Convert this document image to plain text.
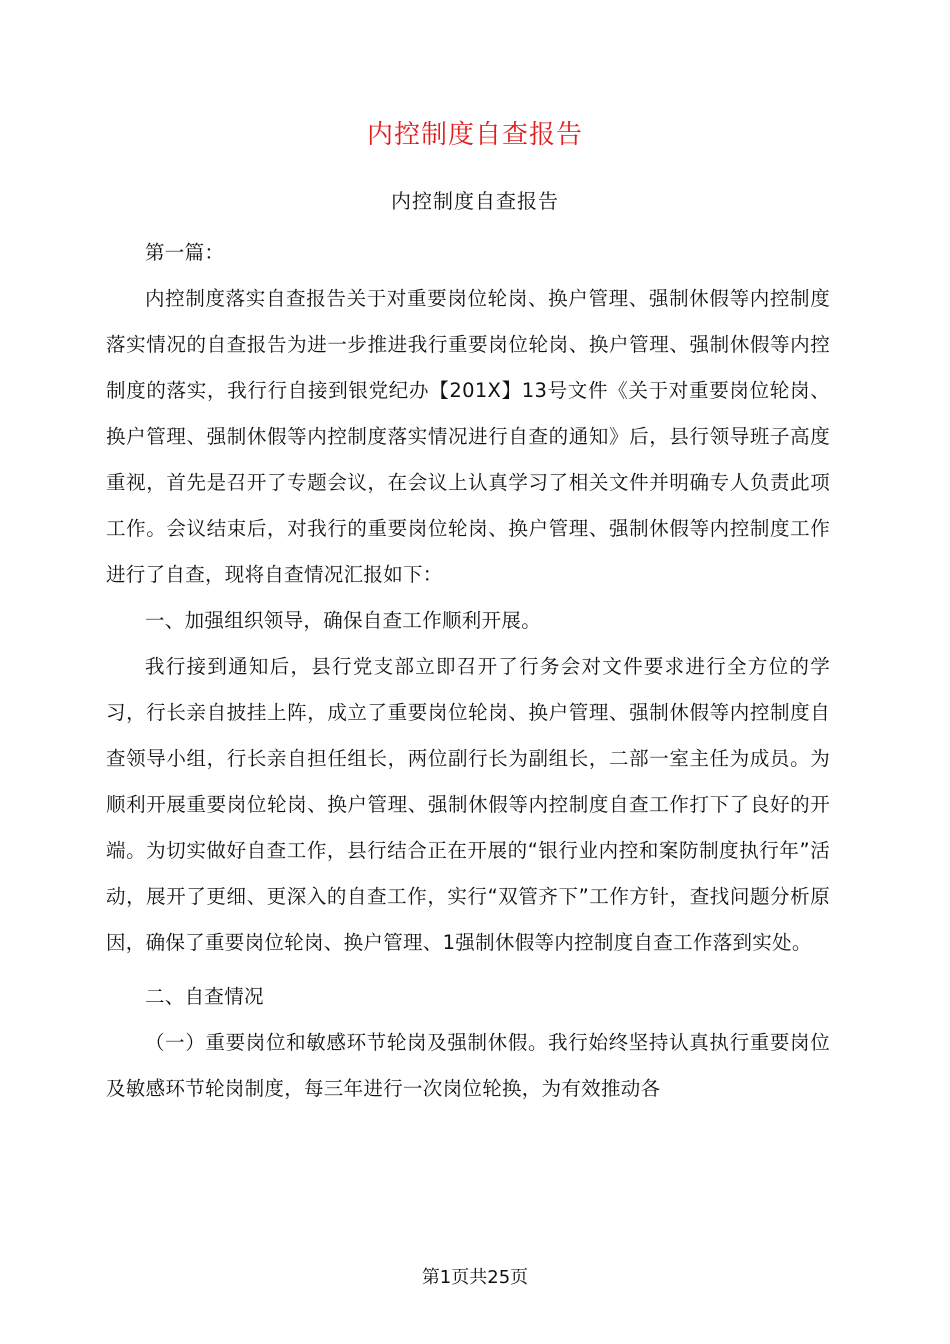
内控制度自查报告
内控制度自查报告

第一篇：

内控制度落实自查报告关于对重要岗位轮岗、换户管理、强制休假等内控制度落实情况的自查报告为进一步推进我行重要岗位轮岗、换户管理、强制休假等内控制度的落实，我行行自接到银党纪办【201X】13号文件《关于对重要岗位轮岗、换户管理、强制休假等内控制度落实情况进行自查的通知》后，县行领导班子高度重视，首先是召开了专题会议，在会议上认真学习了相关文件并明确专人负责此项工作。会议结束后，对我行的重要岗位轮岗、换户管理、强制休假等内控制度工作进行了自查，现将自查情况汇报如下：

一、加强组织领导，确保自查工作顺利开展。

我行接到通知后，县行党支部立即召开了行务会对文件要求进行全方位的学习，行长亲自披挂上阵，成立了重要岗位轮岗、换户管理、强制休假等内控制度自查领导小组，行长亲自担任组长，两位副行长为副组长，二部一室主任为成员。为顺利开展重要岗位轮岗、换户管理、强制休假等内控制度自查工作打下了良好的开端。为切实做好自查工作，县行结合正在开展的“银行业内控和案防制度执行年”活动，展开了更细、更深入的自查工作，实行“双管齐下”工作方针，查找问题分析原因，确保了重要岗位轮岗、换户管理、1强制休假等内控制度自查工作落到实处。

二、自查情况

（一）重要岗位和敏感环节轮岗及强制休假。我行始终坚持认真执行重要岗位及敏感环节轮岗制度，每三年进行一次岗位轮换，为有效推动各

第1页共25页
